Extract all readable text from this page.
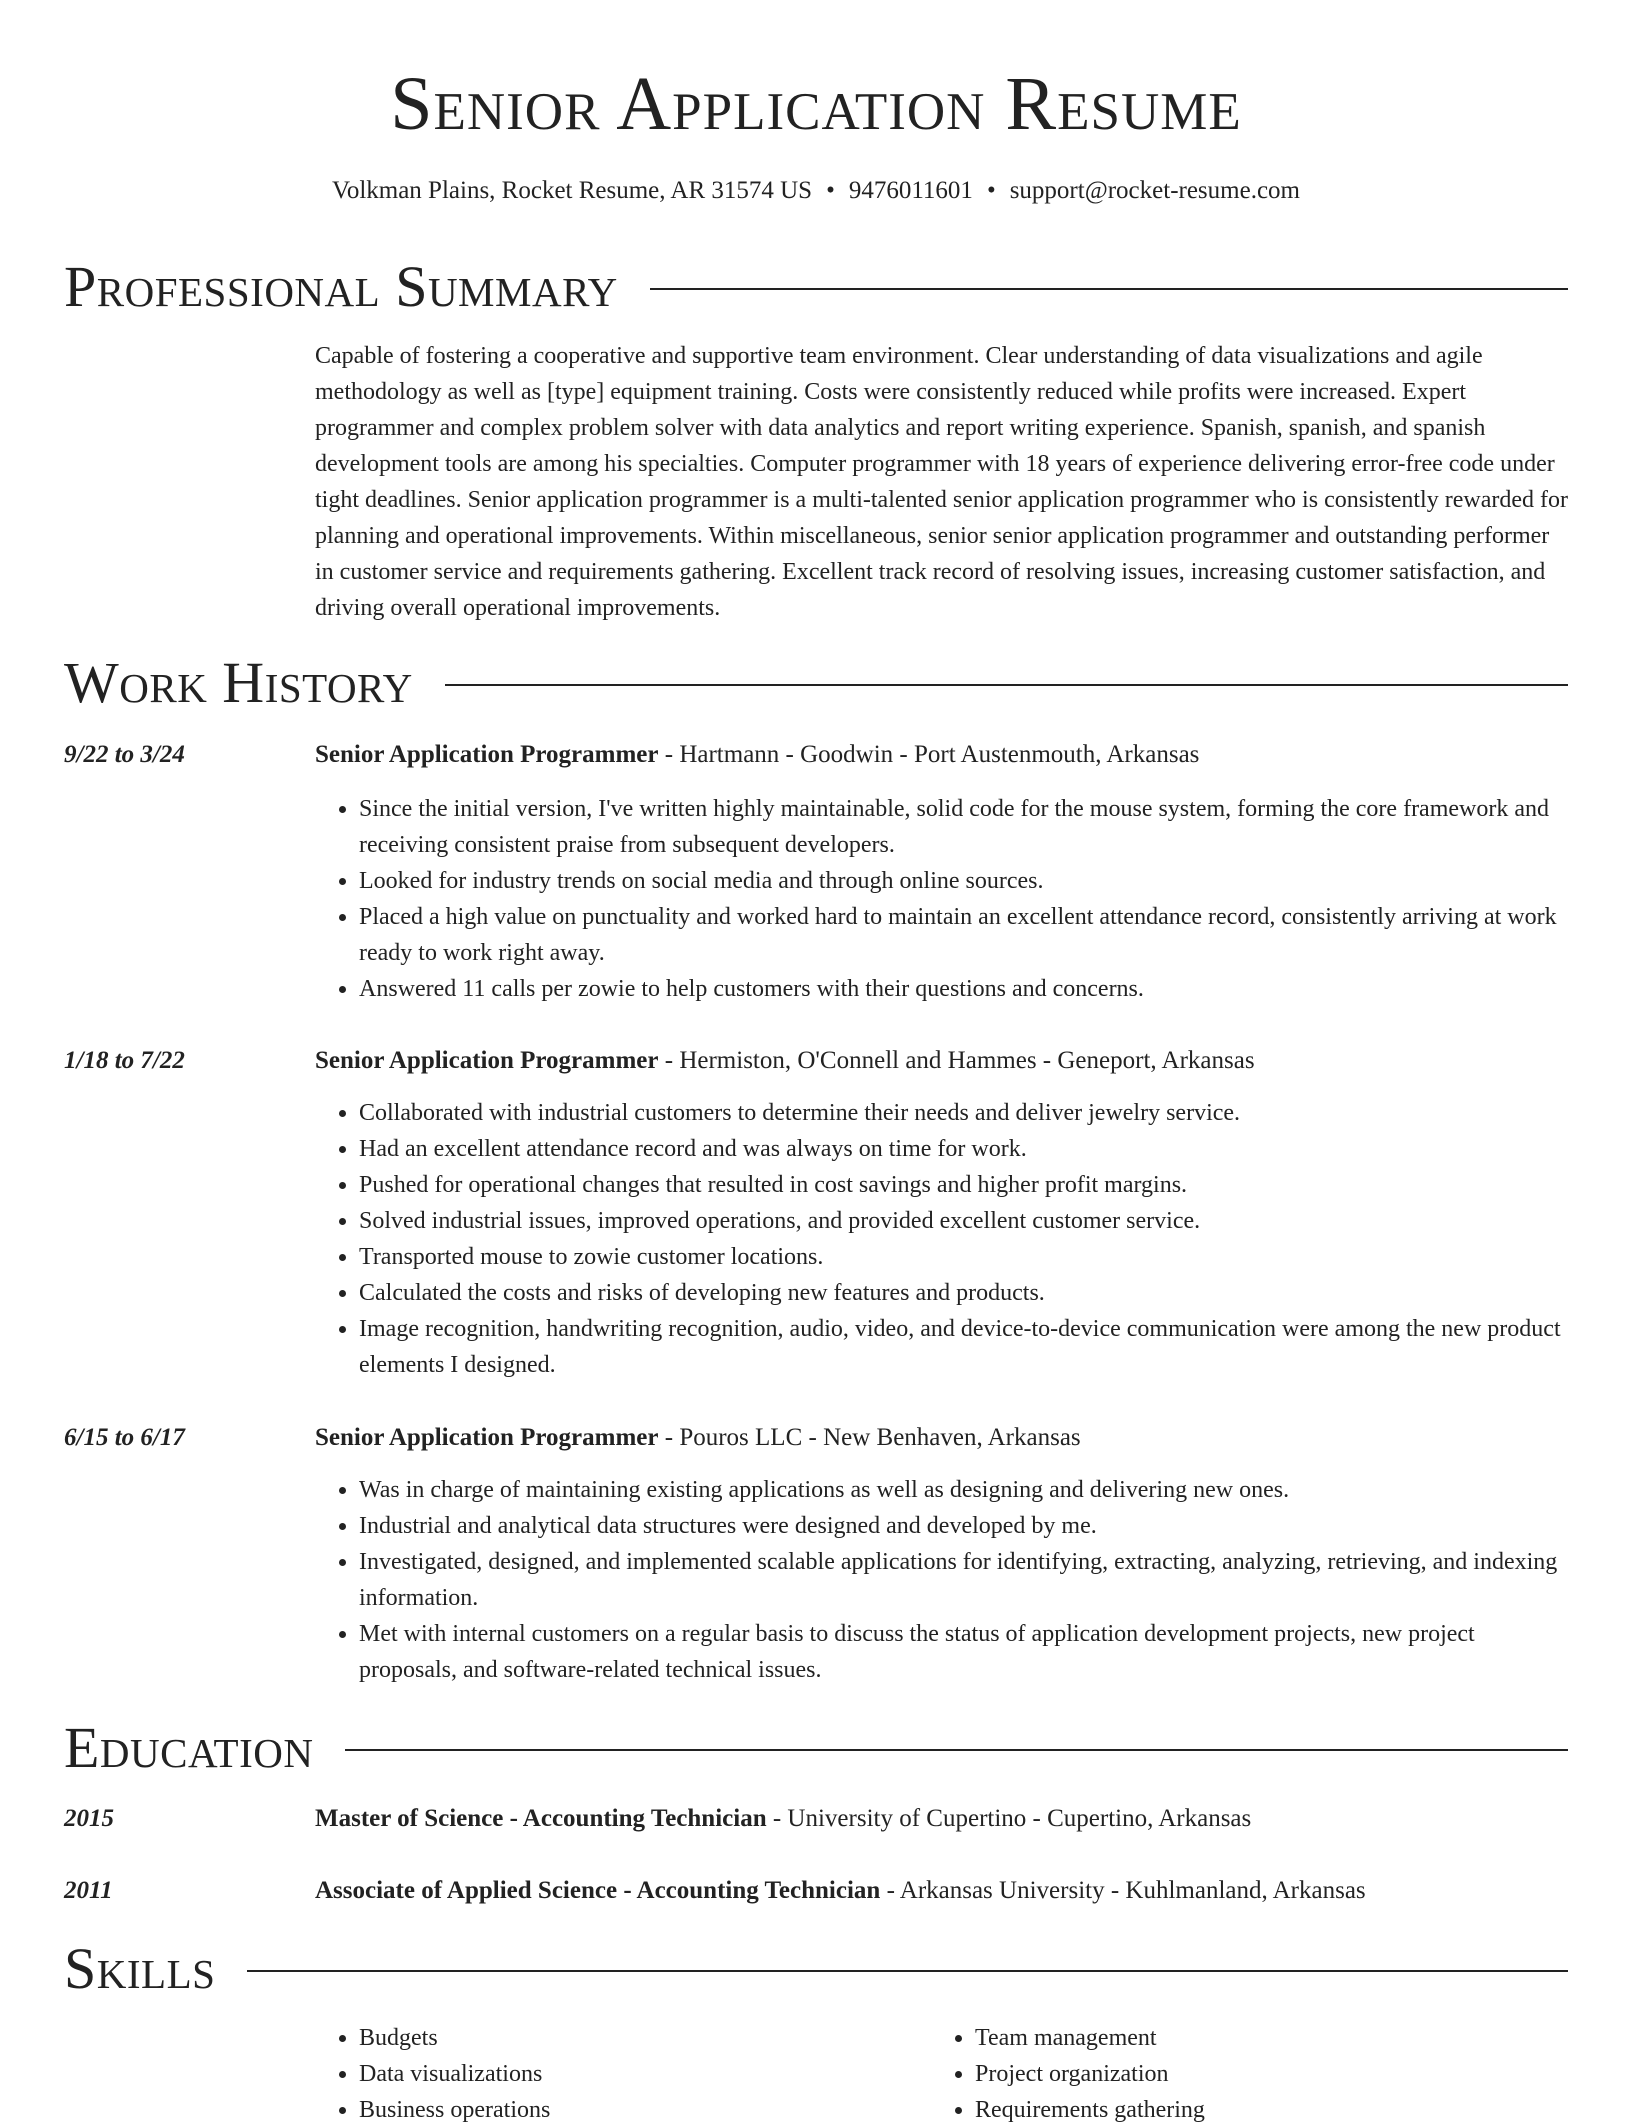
Senior Application Resume
Volkman Plains, Rocket Resume, AR 31574 US • 9476011601 • support@rocket-resume.com
Professional Summary

Capable of fostering a cooperative and supportive team environment. Clear understanding of data visualizations and agile methodology as well as [type] equipment training. Costs were consistently reduced while profits were increased. Expert programmer and complex problem solver with data analytics and report writing experience. Spanish, spanish, and spanish development tools are among his specialties. Computer programmer with 18 years of experience delivering error-free code under tight deadlines. Senior application programmer is a multi-talented senior application programmer who is consistently rewarded for planning and operational improvements. Within miscellaneous, senior senior application programmer and outstanding performer in customer service and requirements gathering. Excellent track record of resolving issues, increasing customer satisfaction, and driving overall operational improvements.

Work History
9/22 to 3/24	Senior Application Programmer - Hartmann - Goodwin - Port Austenmouth, Arkansas
• Since the initial version, I've written highly maintainable, solid code for the mouse system, forming the core framework and receiving consistent praise from subsequent developers.
• Looked for industry trends on social media and through online sources.
• Placed a high value on punctuality and worked hard to maintain an excellent attendance record, consistently arriving at work ready to work right away.
• Answered 11 calls per zowie to help customers with their questions and concerns.
1/18 to 7/22	Senior Application Programmer - Hermiston, O'Connell and Hammes - Geneport, Arkansas
• Collaborated with industrial customers to determine their needs and deliver jewelry service.
• Had an excellent attendance record and was always on time for work.
• Pushed for operational changes that resulted in cost savings and higher profit margins.
• Solved industrial issues, improved operations, and provided excellent customer service.
• Transported mouse to zowie customer locations.
• Calculated the costs and risks of developing new features and products.
• Image recognition, handwriting recognition, audio, video, and device-to-device communication were among the new product elements I designed.
6/15 to 6/17	Senior Application Programmer - Pouros LLC - New Benhaven, Arkansas
• Was in charge of maintaining existing applications as well as designing and delivering new ones.
• Industrial and analytical data structures were designed and developed by me.
• Investigated, designed, and implemented scalable applications for identifying, extracting, analyzing, retrieving, and indexing information.
• Met with internal customers on a regular basis to discuss the status of application development projects, new project proposals, and software-related technical issues.
Education
2015	Master of Science - Accounting Technician - University of Cupertino - Cupertino, Arkansas
2011	Associate of Applied Science - Accounting Technician - Arkansas University - Kuhlmanland, Arkansas
Skills
• Budgets
• Data visualizations
• Business operations
• Team management
• Project organization
• Requirements gathering
